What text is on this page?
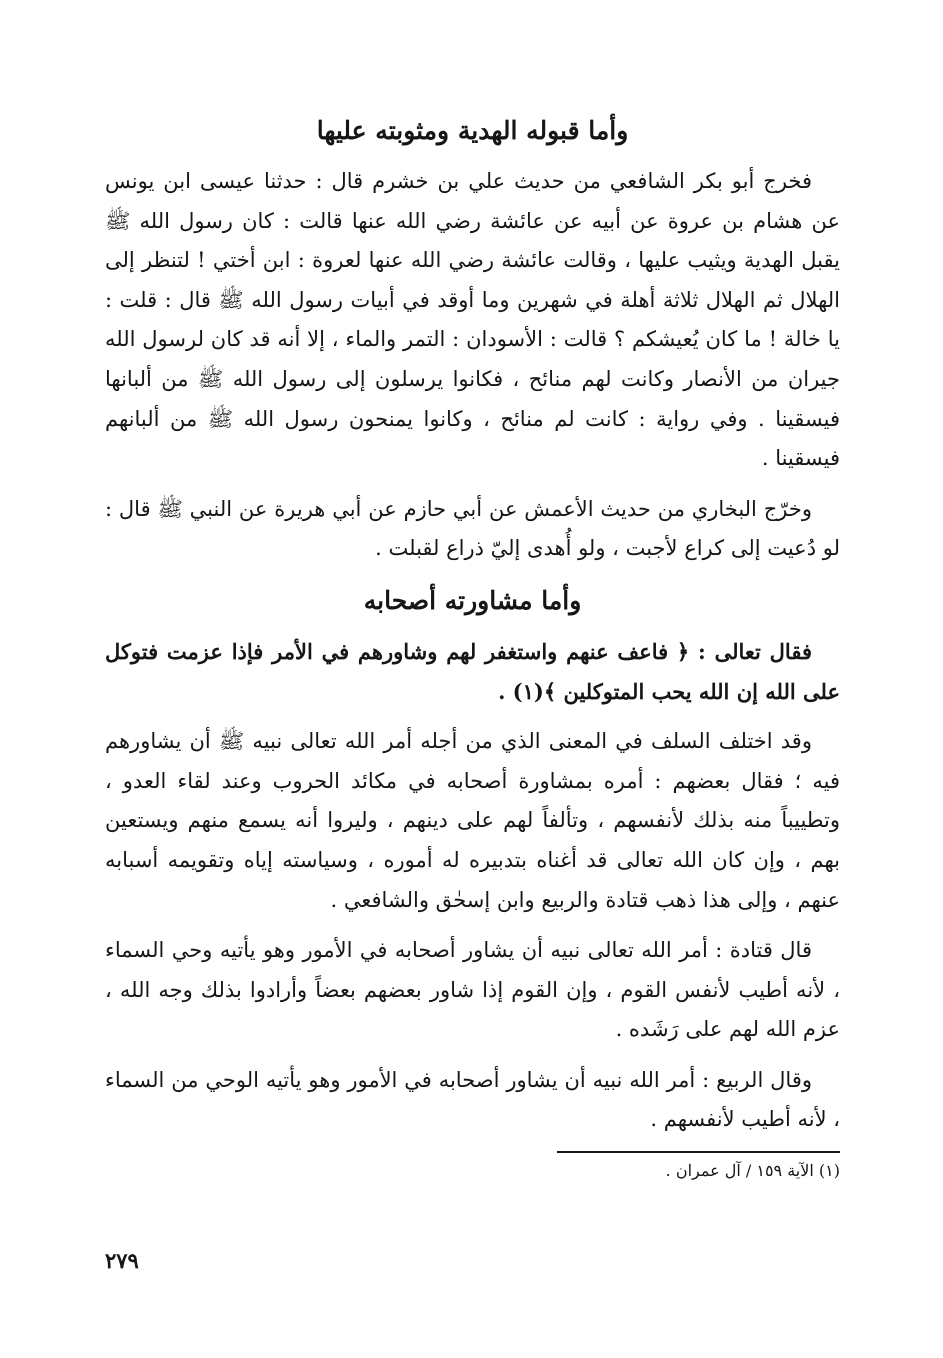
وأما قبوله الهدية ومثوبته عليها

فخرج أبو بكر الشافعي من حديث علي بن خشرم قال : حدثنا عيسى ابن يونس عن هشام بن عروة عن أبيه عن عائشة رضي الله عنها قالت : كان رسول الله ﷺ يقبل الهدية ويثيب عليها ، وقالت عائشة رضي الله عنها لعروة : ابن أختي ! لتنظر إلى الهلال ثم الهلال ثلاثة أهلة في شهرين وما أوقد في أبيات رسول الله ﷺ قال : قلت : يا خالة ! ما كان يُعيشكم ؟ قالت : الأسودان : التمر والماء ، إلا أنه قد كان لرسول الله جيران من الأنصار وكانت لهم منائح ، فكانوا يرسلون إلى رسول الله ﷺ من ألبانها فيسقينا . وفي رواية : كانت لم منائح ، وكانوا يمنحون رسول الله ﷺ من ألبانهم فيسقينا .

وخرّج البخاري من حديث الأعمش عن أبي حازم عن أبي هريرة عن النبي ﷺ قال : لو دُعيت إلى كراع لأجبت ، ولو أُهدى إليّ ذراع لقبلت .

وأما مشاورته أصحابه

فقال تعالى : ﴿ فاعف عنهم واستغفر لهم وشاورهم في الأمر فإذا عزمت فتوكل على الله إن الله يحب المتوكلين ﴾(١) .

وقد اختلف السلف في المعنى الذي من أجله أمر الله تعالى نبيه ﷺ أن يشاورهم فيه ؛ فقال بعضهم : أمره بمشاورة أصحابه في مكائد الحروب وعند لقاء العدو ، وتطييباً منه بذلك لأنفسهم ، وتألفاً لهم على دينهم ، وليروا أنه يسمع منهم ويستعين بهم ، وإن كان الله تعالى قد أغناه بتدبيره له أموره ، وسياسته إياه وتقويمه أسبابه عنهم ، وإلى هذا ذهب قتادة والربيع وابن إسحٰق والشافعي .

قال قتادة : أمر الله تعالى نبيه أن يشاور أصحابه في الأمور وهو يأتيه وحي السماء ، لأنه أطيب لأنفس القوم ، وإن القوم إذا شاور بعضهم بعضاً وأرادوا بذلك وجه الله ، عزم الله لهم على رَشَده .

وقال الربيع : أمر الله نبيه أن يشاور أصحابه في الأمور وهو يأتيه الوحي من السماء ، لأنه أطيب لأنفسهم .

(١) الآية ١٥٩ / آل عمران .
٢٧٩
